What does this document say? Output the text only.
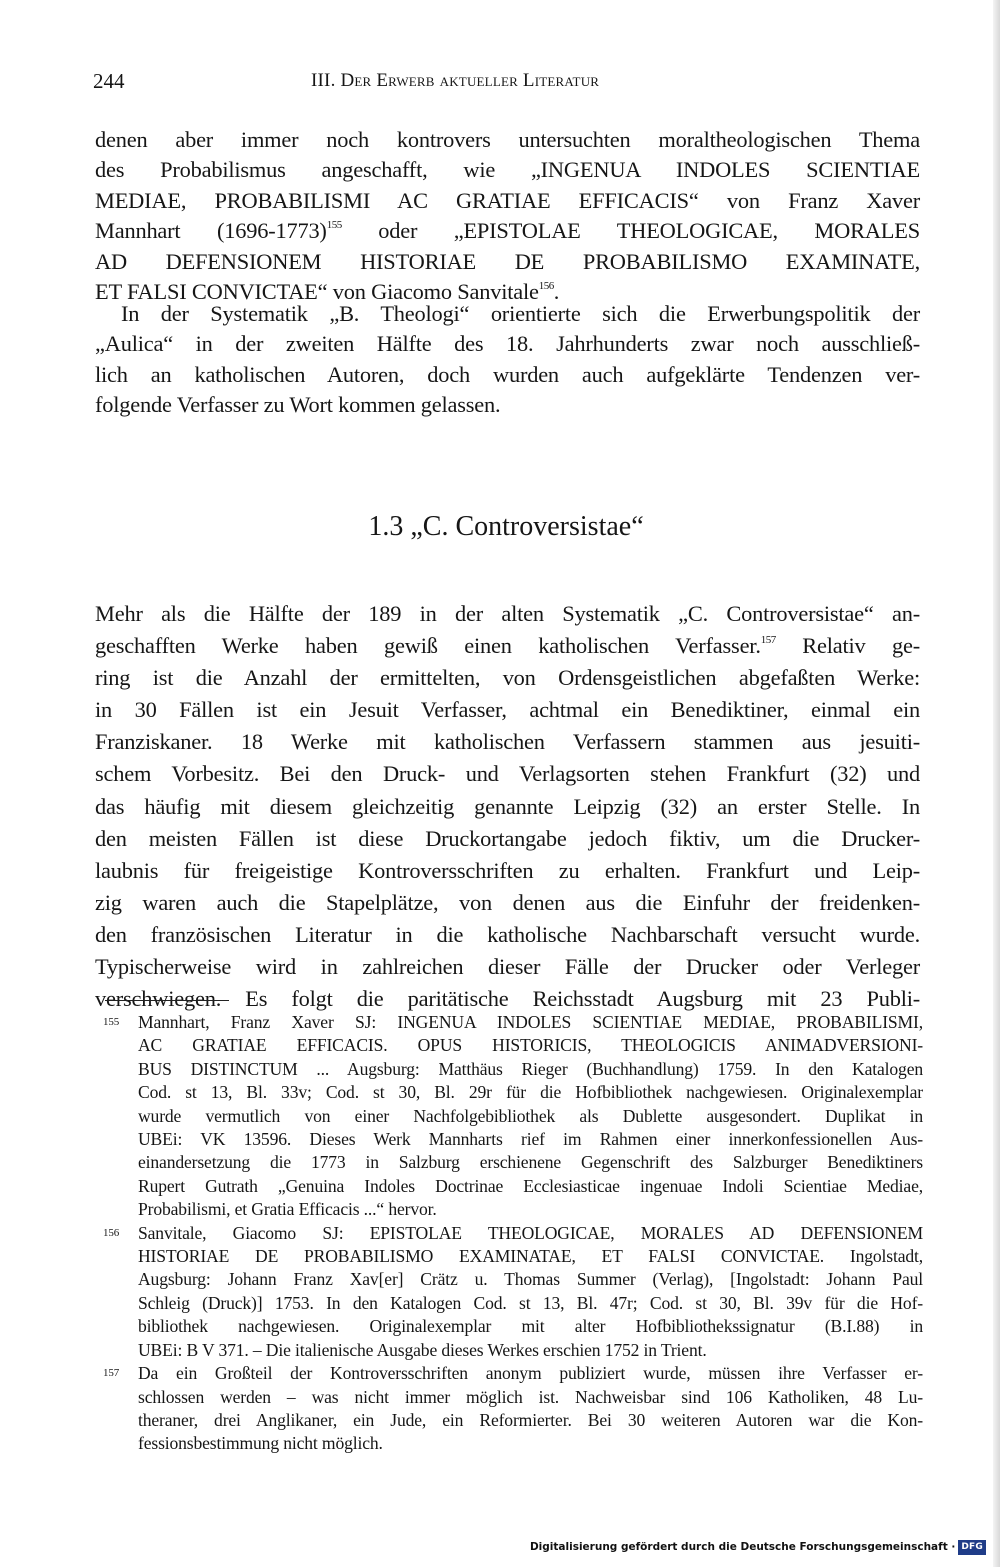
244	III. Der Erwerb aktueller Literatur
denen aber immer noch kontrovers untersuchten moraltheologischen Thema
des Probabilismus angeschafft, wie „INGENUA INDOLES SCIENTIAE
MEDIAE, PROBABILISMI AC GRATIAE EFFICACIS“ von Franz Xaver
Mannhart (1696-1773)$^{155}$ oder „EPISTOLAE THEOLOGICAE, MORALES
AD DEFENSIONEM HISTORIAE DE PROBABILISMO EXAMINATE,
ET FALSI CONVICTAE“ von Giacomo Sanvitale$^{156}$.
In der Systematik „B. Theologi“ orientierte sich die Erwerbungspolitik der
„Aulica“ in der zweiten Hälfte des 18. Jahrhunderts zwar noch ausschließ-
lich an katholischen Autoren, doch wurden auch aufgeklärte Tendenzen ver-
folgende Verfasser zu Wort kommen gelassen.
1.3 „C. Controversistae“
Mehr als die Hälfte der 189 in der alten Systematik „C. Controversistae“ an-
geschafften Werke haben gewiß einen katholischen Verfasser.$^{157}$ Relativ ge-
ring ist die Anzahl der ermittelten, von Ordensgeistlichen abgefaßten Werke:
in 30 Fällen ist ein Jesuit Verfasser, achtmal ein Benediktiner, einmal ein
Franziskaner. 18 Werke mit katholischen Verfassern stammen aus jesuiti-
schem Vorbesitz. Bei den Druck- und Verlagsorten stehen Frankfurt (32) und
das häufig mit diesem gleichzeitig genannte Leipzig (32) an erster Stelle. In
den meisten Fällen ist diese Druckortangabe jedoch fiktiv, um die Drucker-
laubnis für freigeistige Kontroversschriften zu erhalten. Frankfurt und Leip-
zig waren auch die Stapelplätze, von denen aus die Einfuhr der freidenken-
den französischen Literatur in die katholische Nachbarschaft versucht wurde.
Typischerweise wird in zahlreichen dieser Fälle der Drucker oder Verleger
verschwiegen. Es folgt die paritätische Reichsstadt Augsburg mit 23 Publi-
155 Mannhart, Franz Xaver SJ: INGENUA INDOLES SCIENTIAE MEDIAE, PROBABILISMI,
AC GRATIAE EFFICACIS. OPUS HISTORICIS, THEOLOGICIS ANIMADVERSIONI-
BUS DISTINCTUM ... Augsburg: Matthäus Rieger (Buchhandlung) 1759. In den Katalogen
Cod. st 13, Bl. 33v; Cod. st 30, Bl. 29r für die Hofbibliothek nachgewiesen. Originalexemplar
wurde vermutlich von einer Nachfolgebibliothek als Dublette ausgesondert. Duplikat in
UBEi: VK 13596. Dieses Werk Mannharts rief im Rahmen einer innerkonfessionellen Aus-
einandersetzung die 1773 in Salzburg erschienene Gegenschrift des Salzburger Benediktiners
Rupert Gutrath „Genuina Indoles Doctrinae Ecclesiasticae ingenuae Indoli Scientiae Mediae,
Probabilismi, et Gratia Efficacis ...“ hervor.
156 Sanvitale, Giacomo SJ: EPISTOLAE THEOLOGICAE, MORALES AD DEFENSIONEM
HISTORIAE DE PROBABILISMO EXAMINATAE, ET FALSI CONVICTAE. Ingolstadt,
Augsburg: Johann Franz Xav[er] Crätz u. Thomas Summer (Verlag), [Ingolstadt: Johann Paul
Schleig (Druck)] 1753. In den Katalogen Cod. st 13, Bl. 47r; Cod. st 30, Bl. 39v für die Hof-
bibliothek nachgewiesen. Originalexemplar mit alter Hofbibliothekssignatur (B.I.88) in
UBEi: B V 371. – Die italienische Ausgabe dieses Werkes erschien 1752 in Trient.
157 Da ein Großteil der Kontroversschriften anonym publiziert wurde, müssen ihre Verfasser er-
schlossen werden – was nicht immer möglich ist. Nachweisbar sind 106 Katholiken, 48 Lu-
theraner, drei Anglikaner, ein Jude, ein Reformierter. Bei 30 weiteren Autoren war die Kon-
fessionsbestimmung nicht möglich.
Digitalisierung gefördert durch die Deutsche Forschungsgemeinschaft · DFG
